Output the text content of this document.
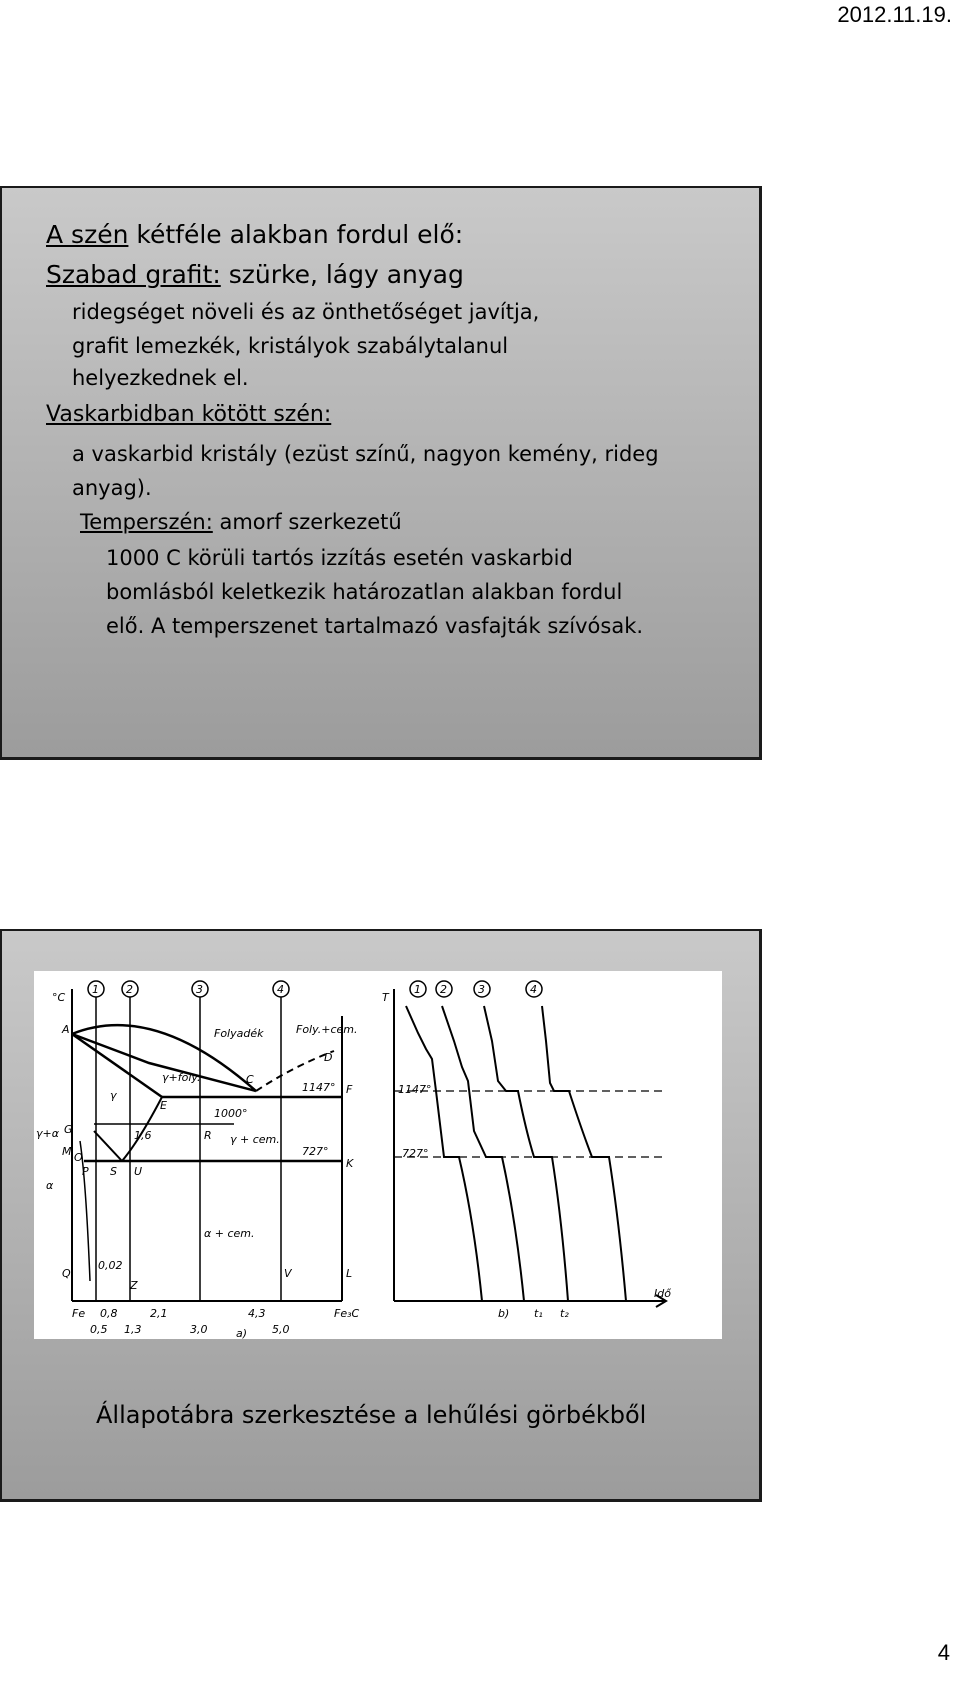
2012.11.19.
A szén kétféle alakban fordul elő:
Szabad grafit: szürke, lágy anyag
ridegséget növeli és az önthetőséget javítja,
grafit lemezkék, kristályok szabálytalanul
helyezkednek el.
Vaskarbidban kötött szén:
a vaskarbid kristály (ezüst színű, nagyon kemény, rideg
anyag).
Temperszén: amorf szerkezetű
1000 C körüli tartós izzítás esetén vaskarbid
bomlásból keletkezik határozatlan alakban fordul
elő. A temperszenet tartalmazó vasfajták szívósak.
1 2	3	4	1 2	3	4
°C
A	Folyadék	Foly.+cem.
D
γ+foly.	C
1147° F
γ
E
1000°
R γ + cem.
1,6
γ+α G
M O	727°
K
P S U
α
α + cem.
Q
0,02
Z
V	L
Fe 0,8	2,1	4,3	Fe₃C
0,5 1,3	3,0	5,0
a)
T
1147°
727°
t₁ t₂
Idő
b)
Állapotábra szerkesztése a lehűlési görbékből
4
